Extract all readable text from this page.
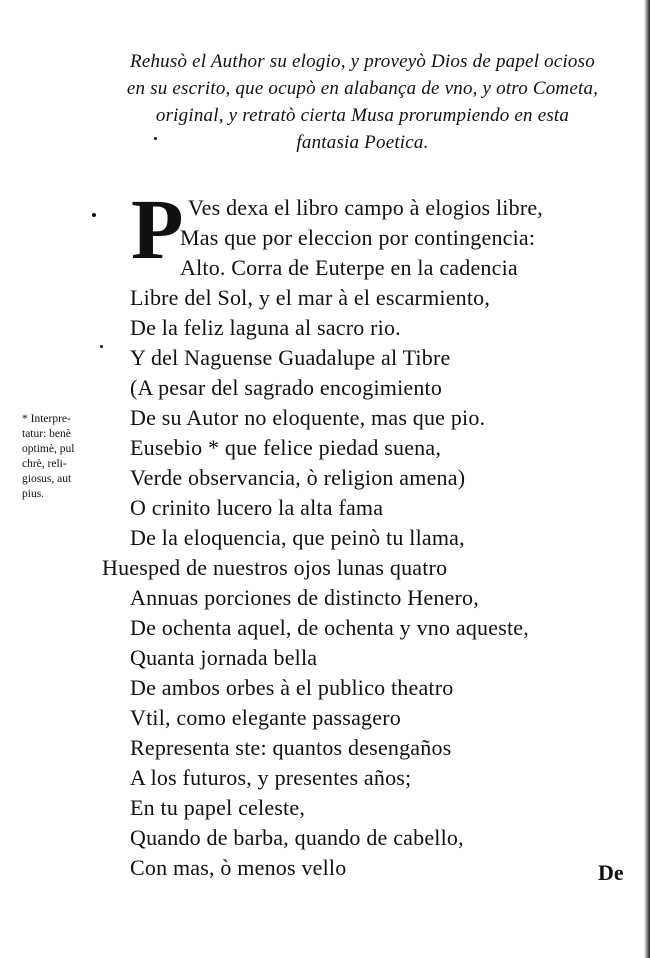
Rehusò el Author su elogio, y proveyò Dios de papel ocioso
en su escrito, que ocupò en alabança de vno, y otro Cometa,
original, y retratò cierta Musa prorumpiendo en esta
fantasia Poetica.
P Ves dexa el libro campo à elogios libre,
Mas que por eleccion por contingencia:
Alto. Corra de Euterpe en la cadencia
Libre del Sol, y el mar à el escarmiento,
De la feliz laguna al sacro rio.
Y del Naguense Guadalupe al Tibre
(A pesar del sagrado encogimiento
De su Autor no eloquente, mas que pio.
Eusebio * que felice piedad suena,
Verde observancia, ò religion amena)
O crinito lucero la alta fama
De la eloquencia, que peinò tu llama,
Huesped de nuestros ojos lunas quatro
Annuas porciones de distincto Henero,
De ochenta aquel, de ochenta y vno aqueste,
Quanta jornada bella
De ambos orbes à el publico theatro
Vtil, como elegante passagero
Representa ste: quantos desengaños
A los futuros, y presentes años;
En tu papel celeste,
Quando de barba, quando de cabello,
Con mas, ò menos vello
* Interpre-
tatur: benè
optimè, pul
chrè, reli-
giosus, aut
pius.
De
